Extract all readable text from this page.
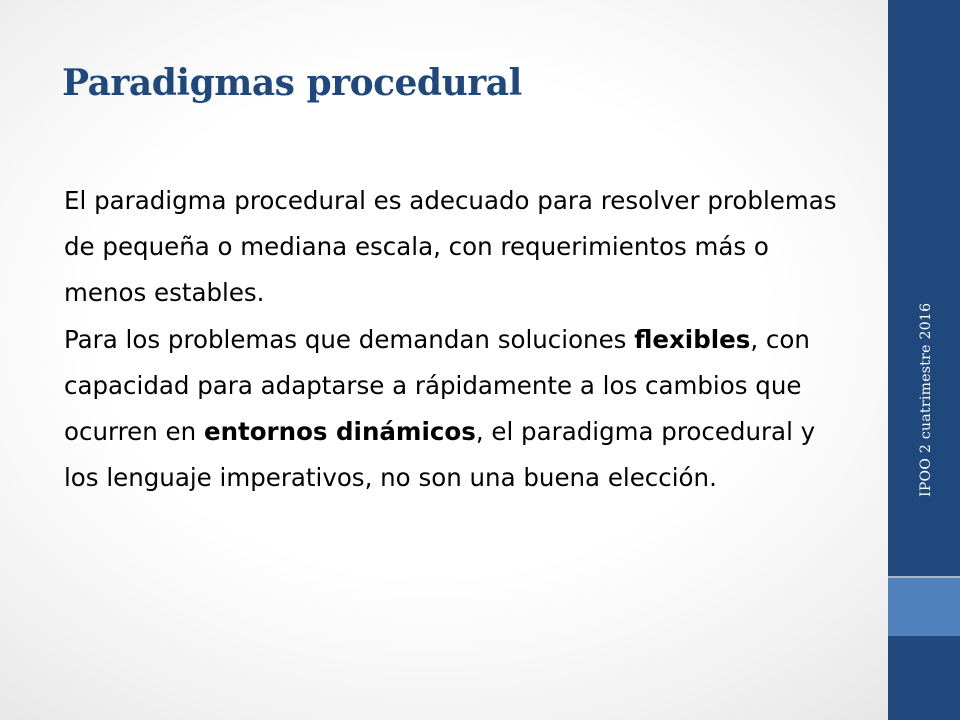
IPOO 2 cuatrimestre 2016
Paradigmas procedural

El paradigma procedural es adecuado para resolver problemas de pequeña o mediana escala, con requerimientos más o menos estables.

Para los problemas que demandan soluciones flexibles, con capacidad para adaptarse a rápidamente a los cambios que ocurren en entornos dinámicos, el paradigma procedural y los lenguaje imperativos, no son una buena elección.
